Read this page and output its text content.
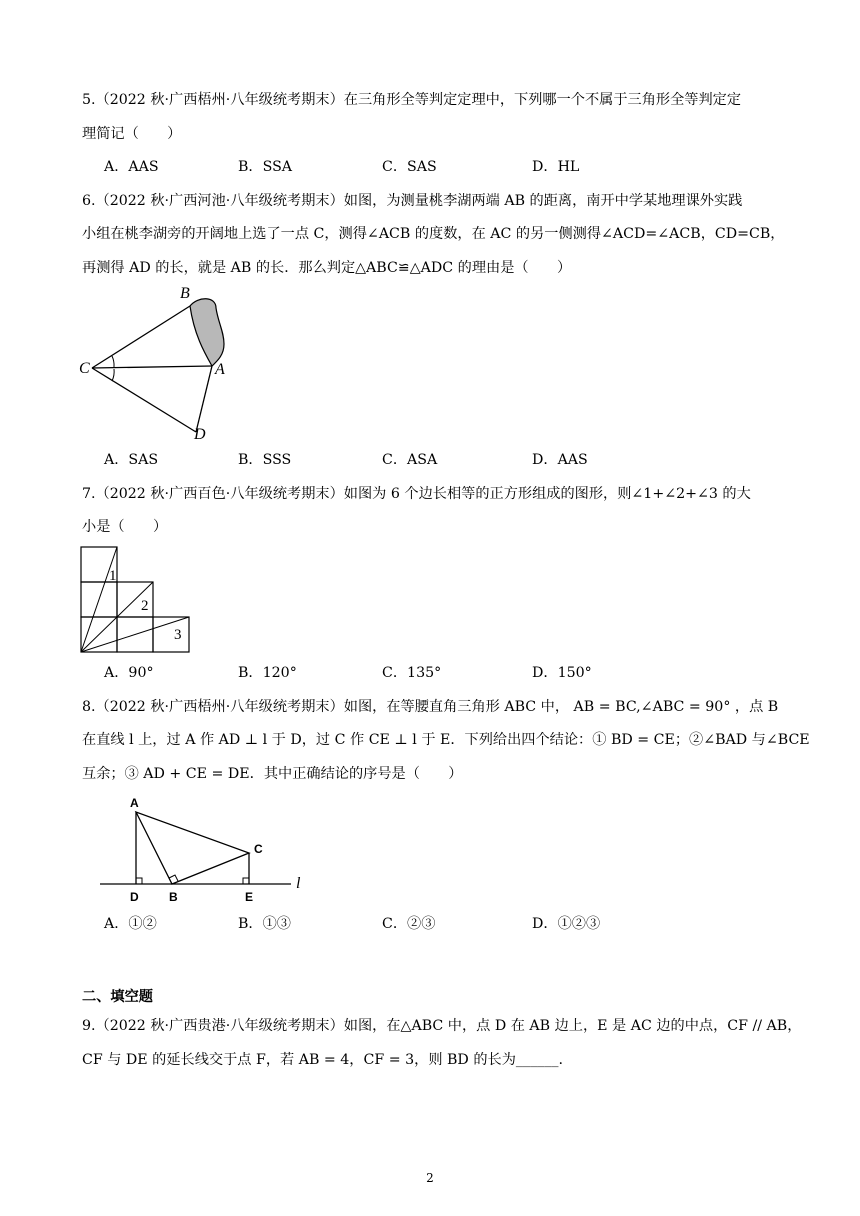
5.（2022 秋·广西梧州·八年级统考期末）在三角形全等判定定理中，下列哪一个不属于三角形全等判定定
理简记（　　）
A．AAS	B．SSA	C．SAS	D．HL
6.（2022 秋·广西河池·八年级统考期末）如图，为测量桃李湖两端 AB 的距离，南开中学某地理课外实践
小组在桃李湖旁的开阔地上选了一点 C，测得∠ACB 的度数，在 AC 的另一侧测得∠ACD=∠ACB，CD=CB，
再测得 AD 的长，就是 AB 的长．那么判定△ABC≌△ADC 的理由是（　　）
B
C	A
D
A．SAS	B．SSS	C．ASA	D．AAS
7.（2022 秋·广西百色·八年级统考期末）如图为 6 个边长相等的正方形组成的图形，则∠1+∠2+∠3 的大
小是（　　）
1
2
3
A．90°	B．120°	C．135°	D．150°
8.（2022 秋·广西梧州·八年级统考期末）如图，在等腰直角三角形 ABC 中， AB = BC,∠ABC = 90° ，点 B
在直线 l 上，过 A 作 AD ⊥ l 于 D，过 C 作 CE ⊥ l 于 E．下列给出四个结论：① BD = CE；②∠BAD 与∠BCE
互余；③ AD + CE = DE．其中正确结论的序号是（　　）
A
C
D	B	E
l
A．①②	B．①③	C．②③	D．①②③
二、填空题
9.（2022 秋·广西贵港·八年级统考期末）如图，在△ABC 中，点 D 在 AB 边上，E 是 AC 边的中点，CF // AB，
CF 与 DE 的延长线交于点 F，若 AB = 4，CF = 3，则 BD 的长为______.
2
